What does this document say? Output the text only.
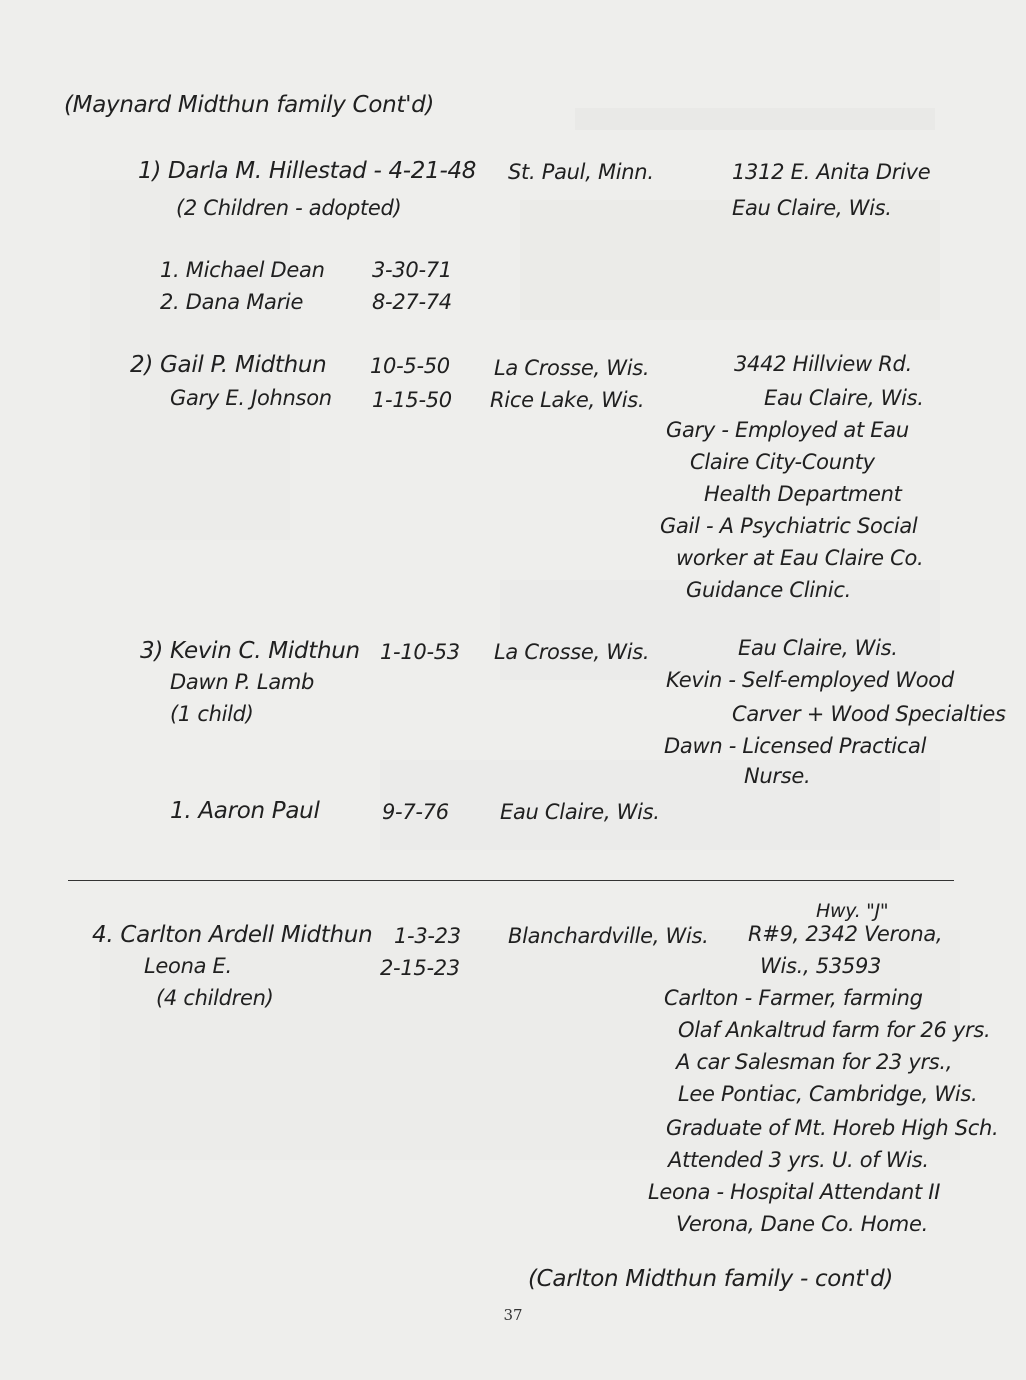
(Maynard Midthun family Cont'd)
1) Darla M. Hillestad - 4-21-48 St. Paul, Minn.	1312 E. Anita Drive
(2 Children - adopted)	Eau Claire, Wis.
1. Michael Dean 3-30-71
2. Dana Marie	8-27-74
2) Gail P. Midthun 10-5-50 La Crosse, Wis.	3442 Hillview Rd.
Gary E. Johnson 1-15-50 Rice Lake, Wis.	Eau Claire, Wis.
Gary - Employed at Eau
Claire City-County
Health Department
Gail - A Psychiatric Social
worker at Eau Claire Co.
Guidance Clinic.
3) Kevin C. Midthun 1-10-53 La Crosse, Wis.	Eau Claire, Wis.
Dawn P. Lamb	Kevin - Self-employed Wood
(1 child)	Carver + Wood Specialties
Dawn - Licensed Practical
Nurse.
1. Aaron Paul	9-7-76 Eau Claire, Wis.
Hwy. "J"
4. Carlton Ardell Midthun 1-3-23 Blanchardville, Wis. R#9, 2342 Verona,
Leona E.	2-15-23	Wis., 53593
(4 children)	Carlton - Farmer, farming
Olaf Ankaltrud farm for 26 yrs.
A car Salesman for 23 yrs.,
Lee Pontiac, Cambridge, Wis.
Graduate of Mt. Horeb High Sch.
Attended 3 yrs. U. of Wis.
Leona - Hospital Attendant II
Verona, Dane Co. Home.
(Carlton Midthun family - cont'd)
37
